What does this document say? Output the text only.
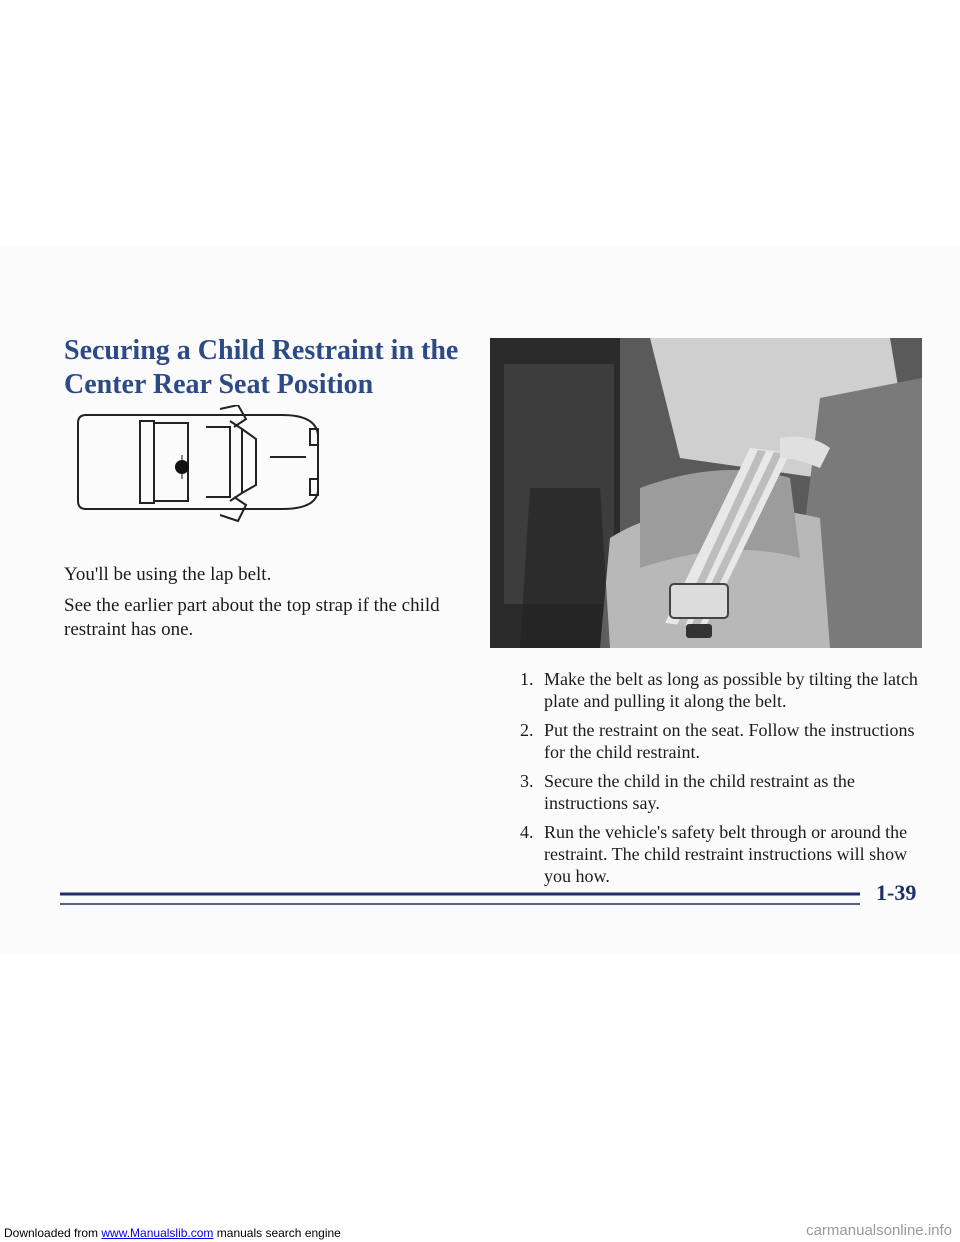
Securing a Child Restraint in the Center Rear Seat Position

You'll be using the lap belt.

See the earlier part about the top strap if the child restraint has one.

1. Make the belt as long as possible by tilting the latch plate and pulling it along the belt.
2. Put the restraint on the seat. Follow the instructions for the child restraint.
3. Secure the child in the child restraint as the instructions say.
4. Run the vehicle's safety belt through or around the restraint. The child restraint instructions will show you how.
1-39
Downloaded from www.Manualslib.com manuals search engine	carmanualsonline.info
